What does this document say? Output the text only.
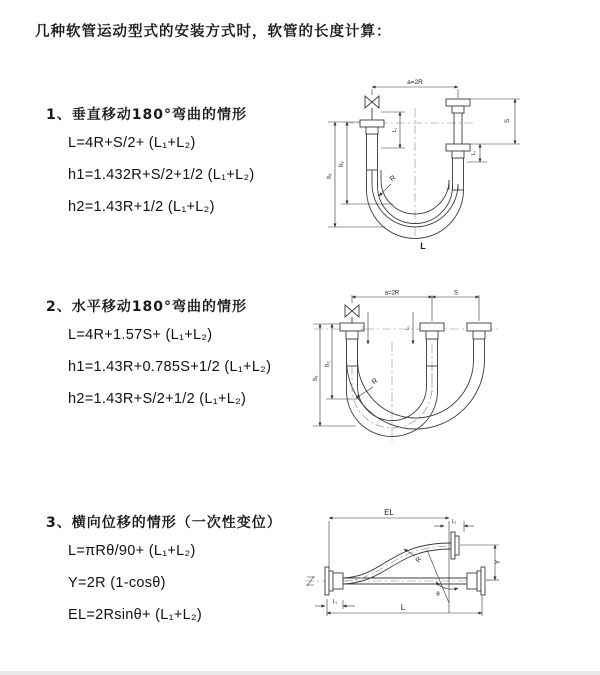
几种软管运动型式的安装方式时，软管的长度计算：
1、垂直移动180°弯曲的情形
L=4R+S/2+ (L₁+L₂)
h1=1.432R+S/2+1/2 (L₁+L₂)
h2=1.43R+1/2 (L₁+L₂)
a=2R
S
L₂
L₁
h₂
h₁	R
L
2、水平移动180°弯曲的情形
L=4R+1.57S+ (L₁+L₂)
h1=1.43R+0.785S+1/2 (L₁+L₂)
h2=1.43R+S/2+1/2 (L₁+L₂)
a=2R	S
L₁	L₂
h₂
h₁	R
3、横向位移的情形（一次性变位）
L=πRθ/90+ (L₁+L₂)
Y=2R (1-cosθ)
EL=2Rsinθ+ (L₁+L₂)
EL
L₂
Y
L
L₁
θ
R
